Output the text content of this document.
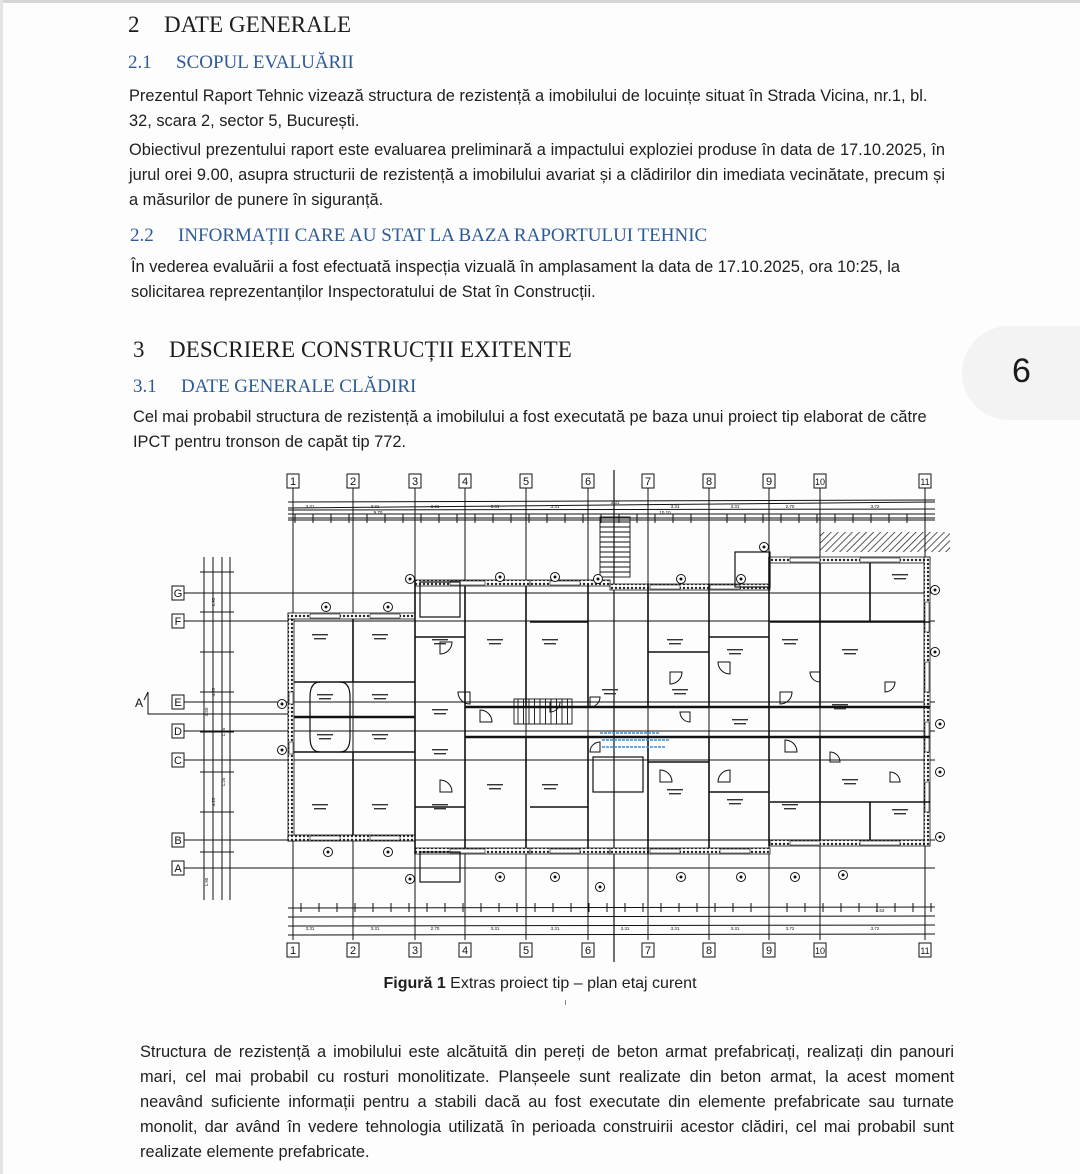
2 DATE GENERALE
2.1 SCOPUL EVALUĂRII

Prezentul Raport Tehnic vizează structura de rezistență a imobilului de locuințe situat în Strada Vicina, nr.1, bl. 32, scara 2, sector 5, București.

Obiectivul prezentului raport este evaluarea preliminară a impactului exploziei produse în data de 17.10.2025, în jurul orei 9.00, asupra structurii de rezistență a imobilului avariat și a clădirilor din imediata vecinătate, precum și a măsurilor de punere în siguranță.

2.2 INFORMAȚII CARE AU STAT LA BAZA RAPORTULUI TEHNIC

În vederea evaluării a fost efectuată inspecția vizuală în amplasament la data de 17.10.2025, ora 10:25, la solicitarea reprezentanților Inspectoratului de Stat în Construcții.

3 DESCRIERE CONSTRUCȚII EXITENTE
3.1 DATE GENERALE CLĂDIRI

Cel mai probabil structura de rezistență a imobilului a fost executată pe baza unui proiect tip elaborat de către IPCT pentru tronson de capăt tip 772.

6
3.31	3.31	3.31	3.31	3.31
3.31
3.31	3.31	2.70	3.72
9.70	10.10
3.31	3.31	2.70	3.31	3.31	3.31	3.31	3.31	3.72	3.72
4.53
1.95
4.25
4.25
1.25
1.25
3.50
1.95
1
1
2
2
3
3
4
4
5
5
6
6
7
7
8
8
9
9
10
10
11
11
G
F
E
D
C
B
A
A
Figură 1 Extras proiect tip – plan etaj curent

Structura de rezistență a imobilului este alcătuită din pereți de beton armat prefabricați, realizați din panouri mari, cel mai probabil cu rosturi monolitizate. Planșeele sunt realizate din beton armat, la acest moment neavând suficiente informații pentru a stabili dacă au fost executate din elemente prefabricate sau turnate monolit, dar având în vedere tehnologia utilizată în perioada construirii acestor clădiri, cel mai probabil sunt realizate elemente prefabricate.
